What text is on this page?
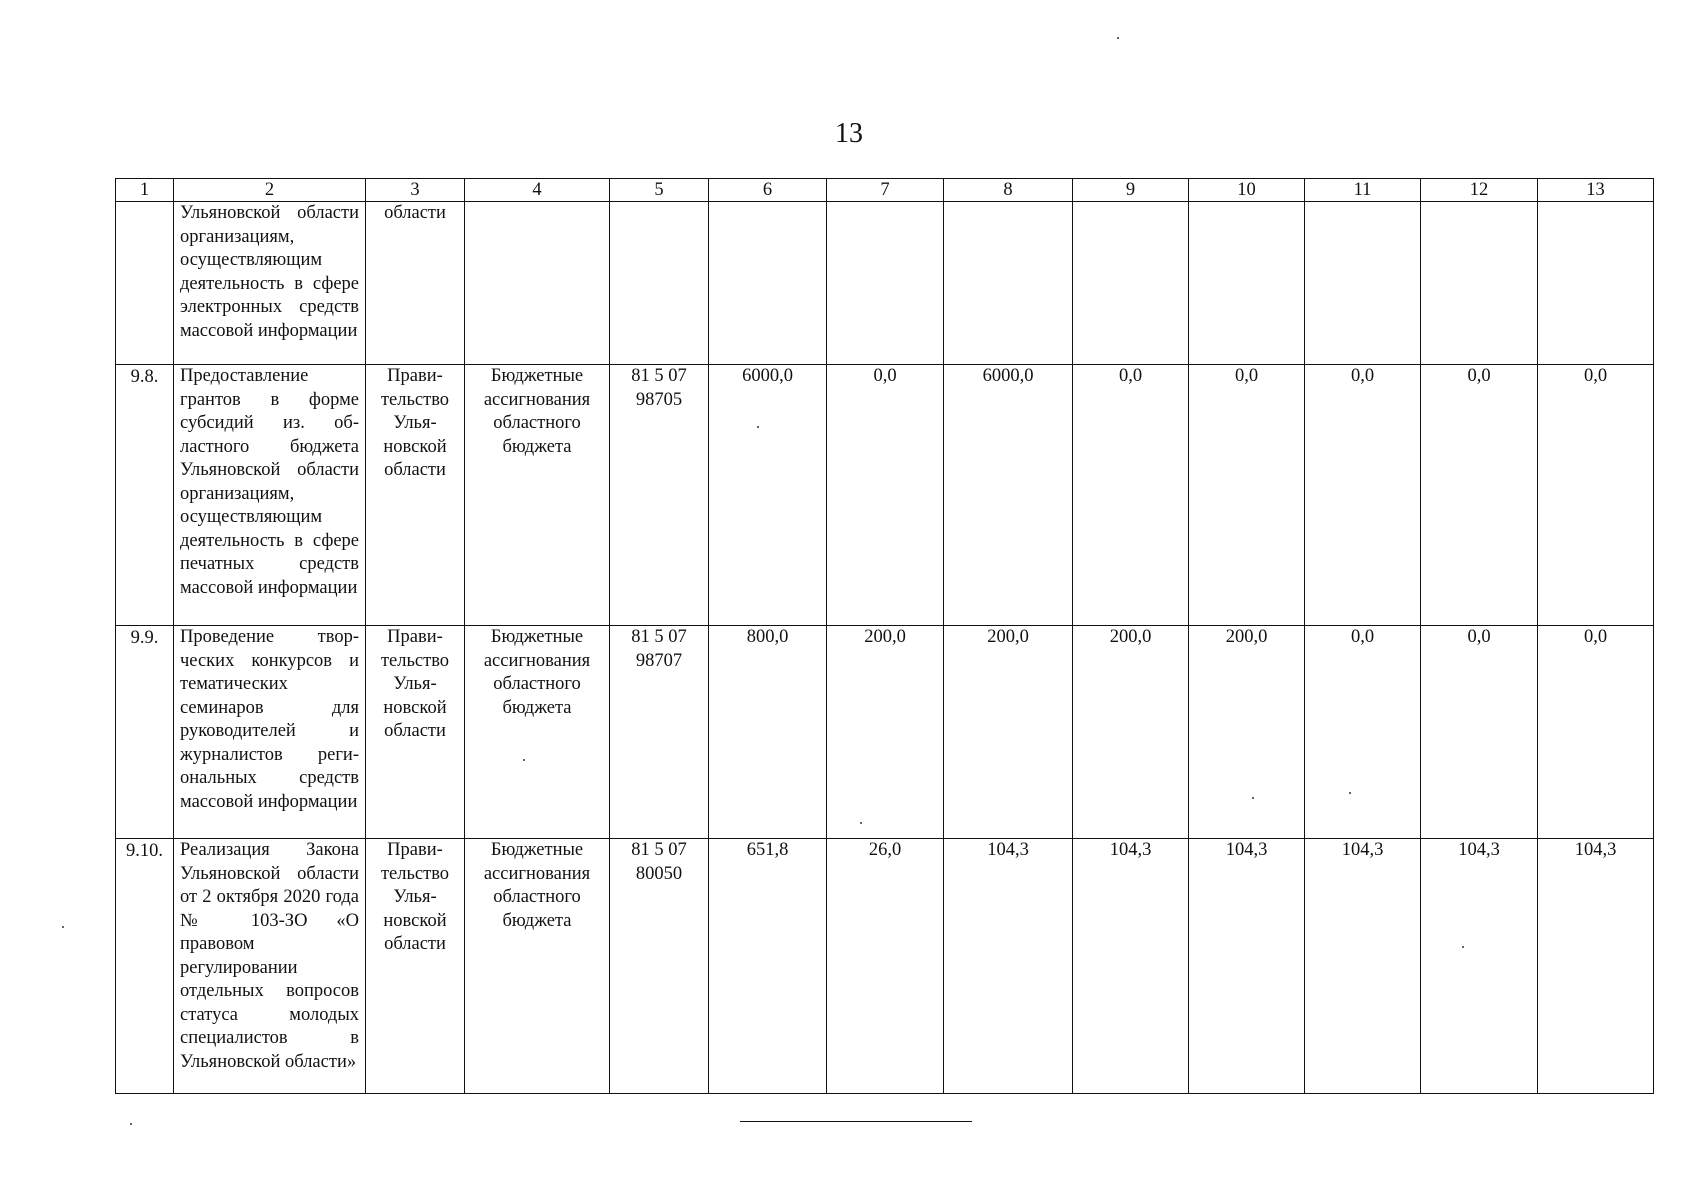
13
1	2	3	4	5	6	7	8	9	10	11	12	13
	Ульяновской области организациям, осуществляющим деятельность в сфере электронных средств массовой информации	области										
9.8.	Предоставление грантов в форме субсидий из. областного бюджета Ульяновской области организациям, осуществляющим деятельность в сфере печатных средств массовой информации	Правительство Ульяновской области	Бюджетные ассигнования областного бюджета	81 5 07 98705	6000,0	0,0	6000,0	0,0	0,0	0,0	0,0	0,0
9.9.	Проведение творческих конкурсов и тематических семинаров для руководителей и журналистов региональных средств массовой информации	Правительство Ульяновской области	Бюджетные ассигнования областного бюджета	81 5 07 98707	800,0	200,0	200,0	200,0	200,0	0,0	0,0	0,0
9.10.	Реализация Закона Ульяновской области от 2 октября 2020 года № 103-ЗО «О правовом регулировании отдельных вопросов статуса молодых специалистов в Ульяновской области»	Правительство Ульяновской области	Бюджетные ассигнования областного бюджета	81 5 07 80050	651,8	26,0	104,3	104,3	104,3	104,3	104,3	104,3
